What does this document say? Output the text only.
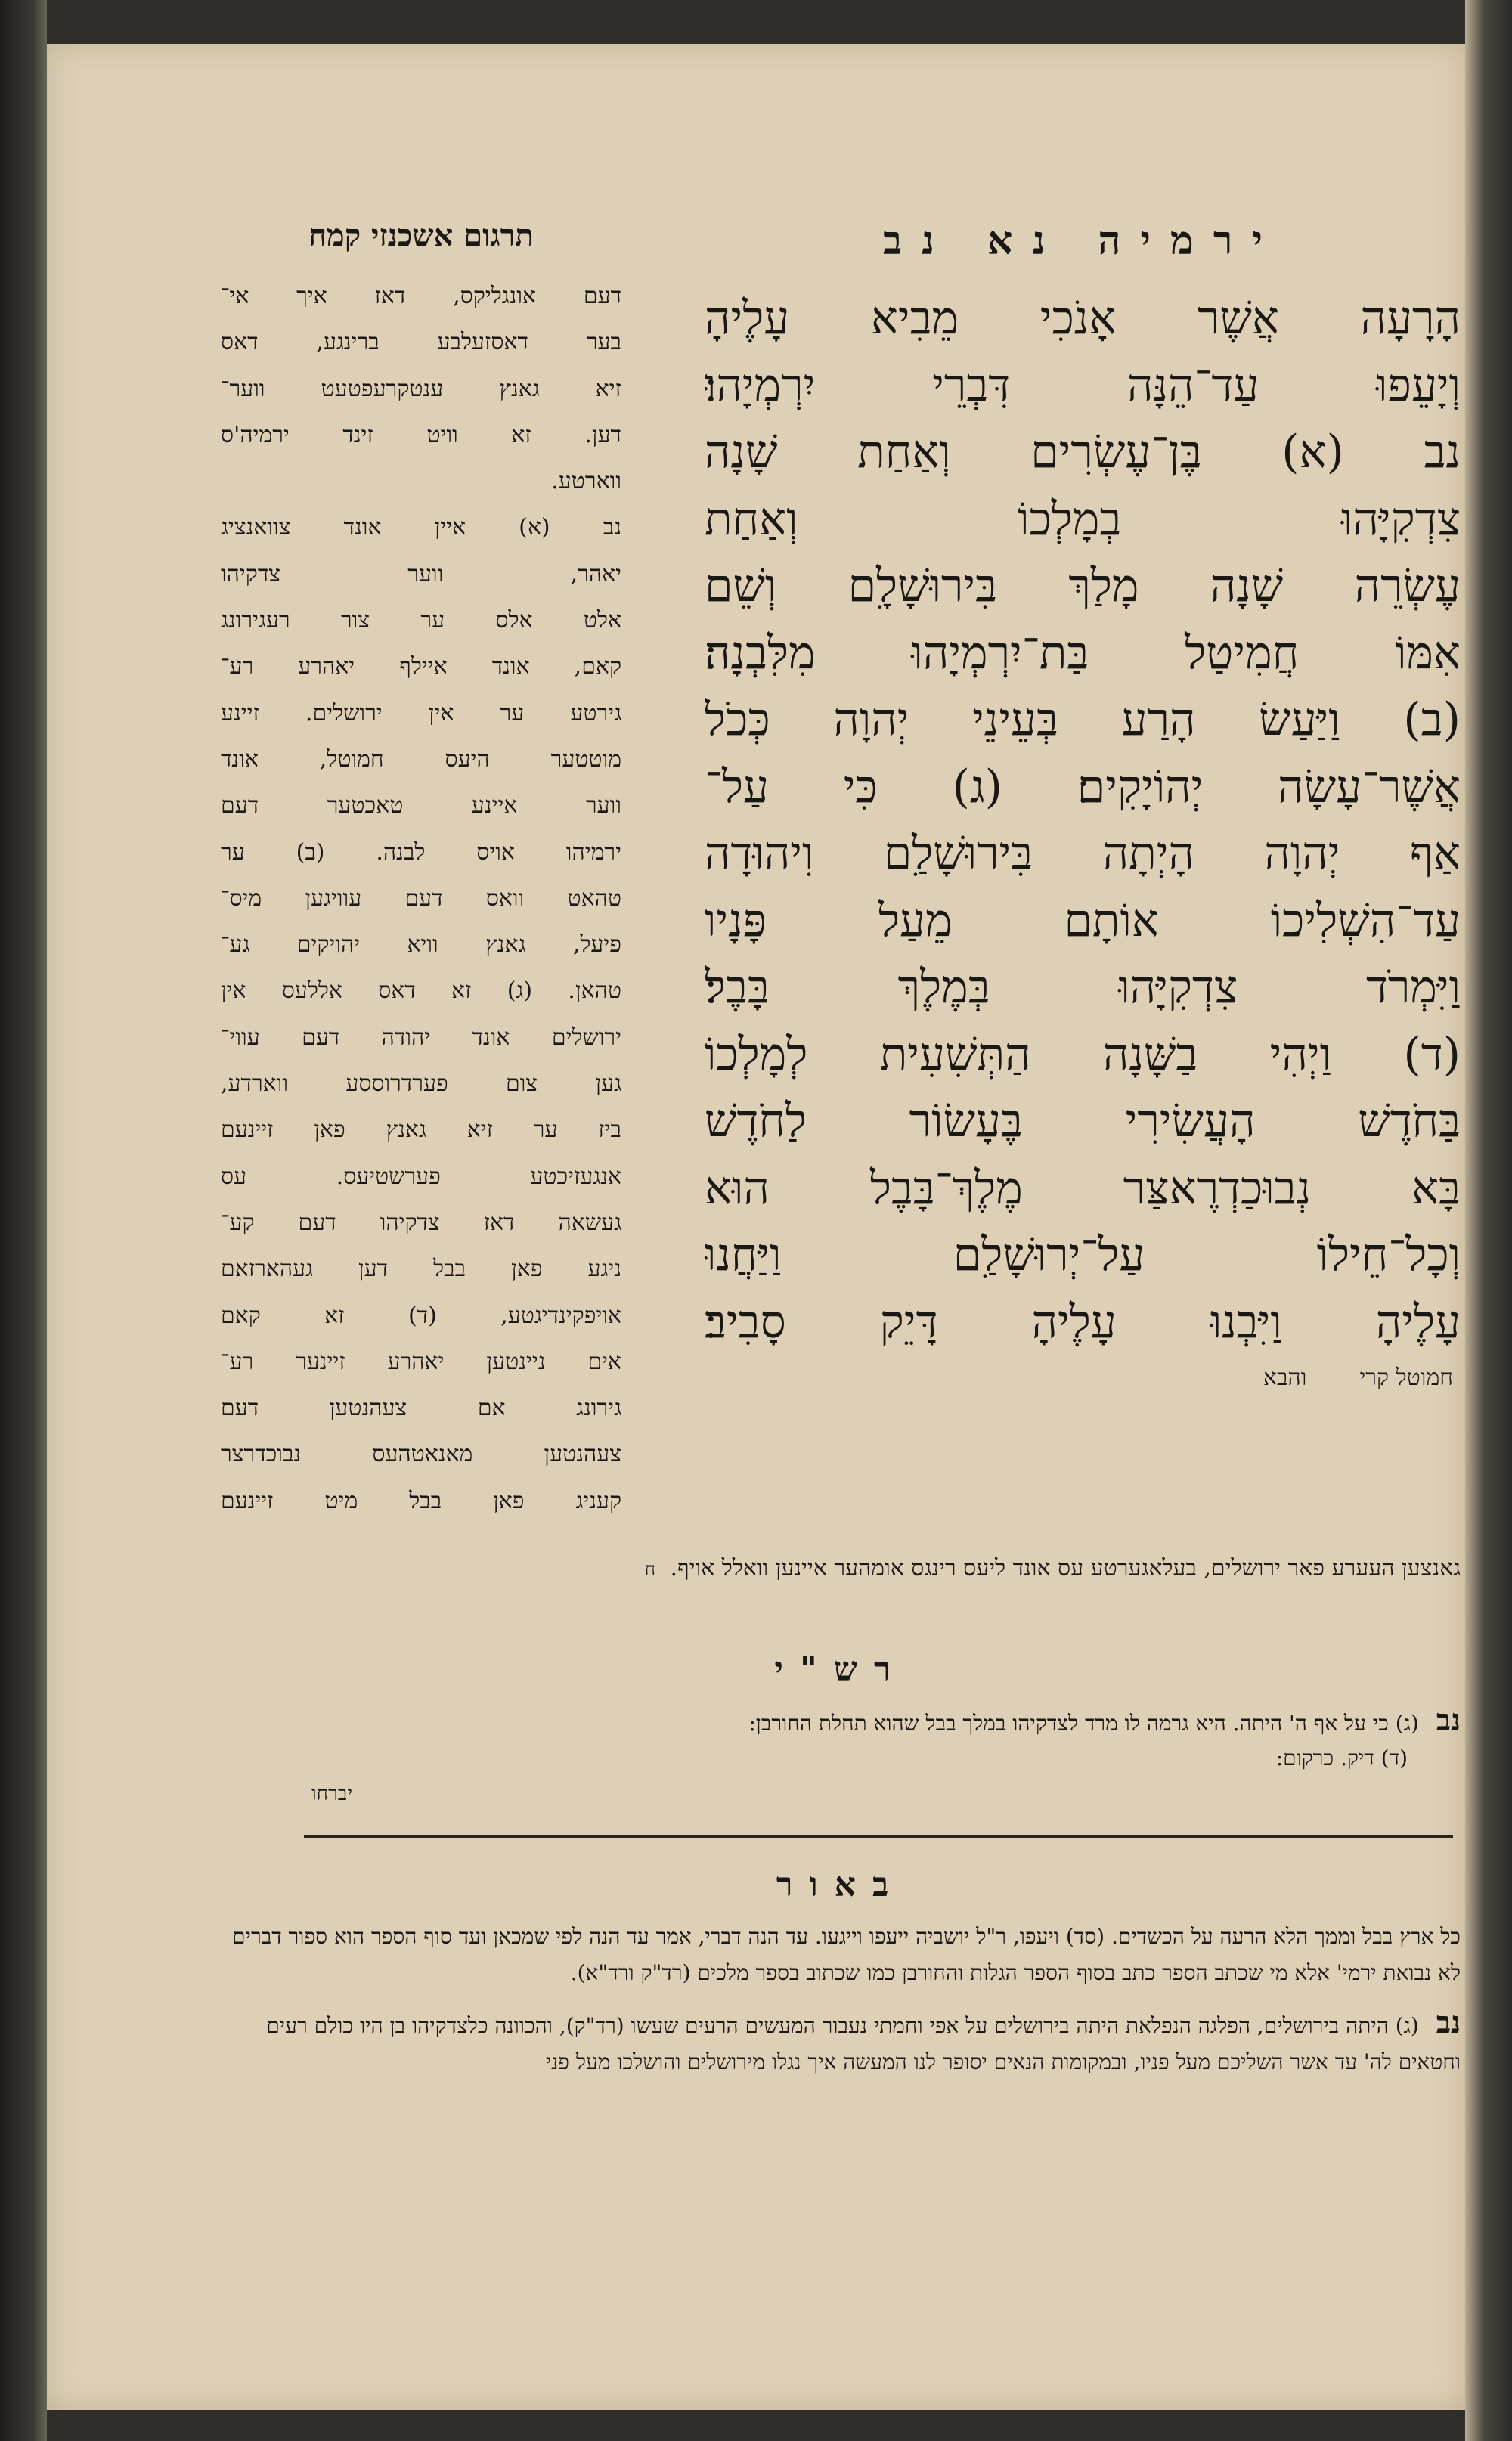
ירמיה נא נב
הָרָעָה אֲשֶׁר אָנֹכִי מֵבִיא עָלֶיהָ
וְיָעֵפוּ עַד־הֵנָּה דִּבְרֵי יִרְמְיָהוּ׃
נב (א) בֶּן־עֶשְׂרִים וְאַחַת שָׁנָה
צִדְקִיָּהוּ בְמָלְכוֹ וְאַחַת
עֶשְׂרֵה שָׁנָה מָלַךְ בִּירוּשָׁלִָם וְשֵׁם
אִמּוֹ חֲמִיטַל בַּת־יִרְמְיָהוּ מִלִּבְנָה׃
(ב) וַיַּעַשׂ הָרַע בְּעֵינֵי יְהוָה כְּכֹל
אֲשֶׁר־עָשָׂה יְהוֹיָקִים׃ (ג) כִּי עַל־
אַף יְהוָה הָיְתָה בִּירוּשָׁלִַם וִיהוּדָה
עַד־הִשְׁלִיכוֹ אוֹתָם מֵעַל פָּנָיו
וַיִּמְרֹד צִדְקִיָּהוּ בְּמֶלֶךְ בָּבֶל׃
(ד) וַיְהִי בַשָּׁנָה הַתְּשִׁעִית לְמָלְכוֹ
בַּחֹדֶשׁ הָעֲשִׂירִי בֶּעָשׂוֹר לַחֹדֶשׁ
בָּא נְבוּכַדְרֶאצַּר מֶלֶךְ־בָּבֶל הוּא
וְכָל־חֵילוֹ עַל־יְרוּשָׁלִַם וַיַּחֲנוּ
עָלֶיהָ וַיִּבְנוּ עָלֶיהָ דָּיֵק סָבִיב׃
חמוטל קרי
והבא
תרגום אשכנזי קמח
דעם אונגליקס, דאז איך אי־
בער דאסזעלבע ברינגע, דאס
זיא גאנץ ענטקרעפטעט ווער־
דען. זא וויט זינד ירמיה'ס
ווארטע.
נב (א) איין אונד צוואנציג
יאהר, ווער צדקיהו
אלט אלס ער צור רעגירונג
קאם, אונד איילף יאהרע רע־
גירטע ער אין ירושלים. זיינע
מוטטער היעס חמוטל, אונד
ווער איינע טאכטער דעם
ירמיהו אויס לבנה. (ב) ער
טהאט וואס דעם עוויגען מיס־
פיעל, גאנץ וויא יהויקים גע־
טהאן. (ג) זא דאס אללעס אין
ירושלים אונד יהודה דעם עווי־
גען צום פערדרוססע ווארדע,
ביז ער זיא גאנץ פאן זיינעם
אנגעזיכטע פערשטיעס. עס
געשאה דאז צדקיהו דעם קע־
ניגע פאן בבל דען געהארזאם
אויפקינדיגטע, (ד) זא קאם
אים ניינטען יאהרע זיינער רע־
גירונג אם צעהנטען דעם
צעהנטען מאנאטהעס נבוכדרצר
קעניג פאן בבל מיט זיינעם
גאנצען העערע פאר ירושלים, בעלאגערטע עס אונד ליעס רינגס אומהער איינען וואלל אויף. ח
רש"י
נב (ג) כי על אף ה' היתה. היא גרמה לו מרד לצדקיהו במלך בבל שהוא תחלת החורבן:
(ד) דיק. כרקום:
יברחו
באור

כל ארץ בבל וממך הלא הרעה על הכשדים. (סד) ויעפו, ר"ל יושביה ייעפו וייגעו. עד הנה דברי, אמר עד הנה לפי שמכאן ועד סוף הספר הוא ספור דברים לא נבואת ירמי' אלא מי שכתב הספר כתב בסוף הספר הגלות והחורבן כמו שכתוב בספר מלכים (רד"ק ורד"א).

נב (ג) היתה בירושלים, הפלגה הנפלאת היתה בירושלים על אפי וחמתי נעבור המעשים הרעים שעשו (רד"ק), והכוונה כלצדקיהו בן היו כולם רעים וחטאים לה' עד אשר השליכם מעל פניו, ובמקומות הנאים יסופר לנו המעשה איך נגלו מירושלים והושלכו מעל פני
